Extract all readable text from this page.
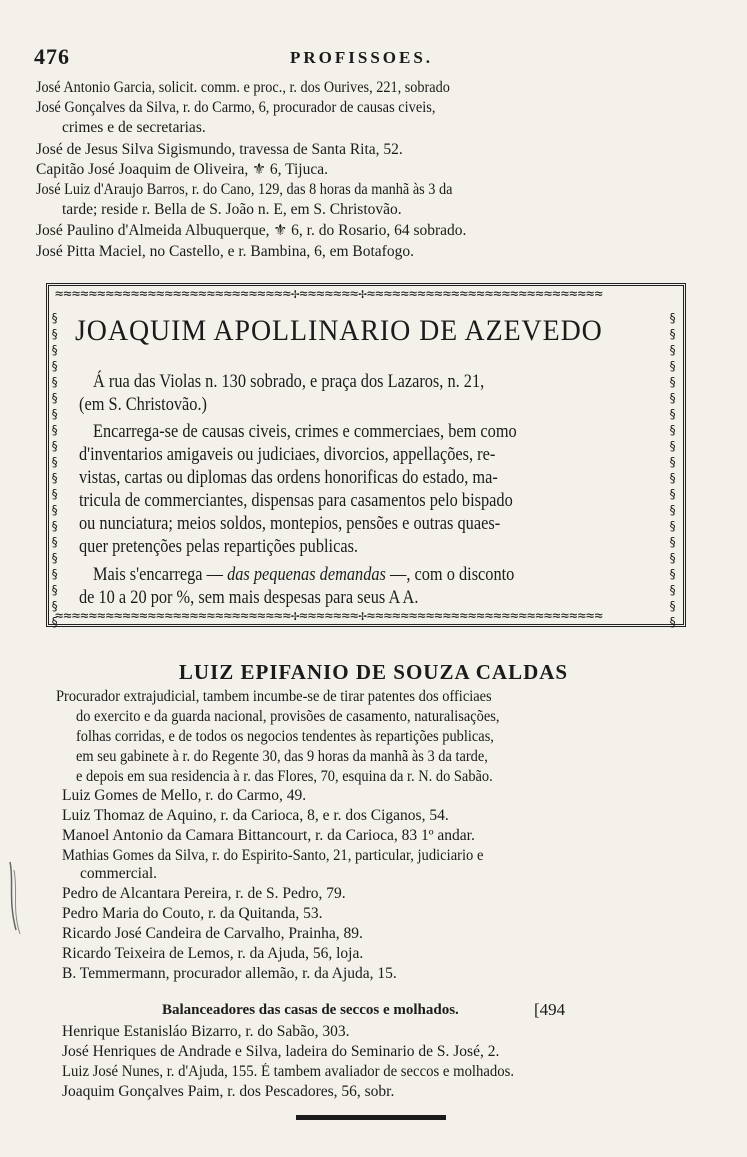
476	PROFISSOES.
José Antonio Garcia, solicit. comm. e proc., r. dos Ourives, 221, sobrado
José Gonçalves da Silva, r. do Carmo, 6, procurador de causas civeis,
crimes e de secretarias.
José de Jesus Silva Sigismundo, travessa de Santa Rita, 52.
Capitão José Joaquim de Oliveira, ⚜ 6, Tijuca.
José Luiz d'Araujo Barros, r. do Cano, 129, das 8 horas da manhã às 3 da
tarde; reside r. Bella de S. João n. E, em S. Christovão.
José Paulino d'Almeida Albuquerque, ⚜ 6, r. do Rosario, 64 sobrado.
José Pitta Maciel, no Castello, e r. Bambina, 6, em Botafogo.
≈≈≈≈≈≈≈≈≈≈≈≈≈≈≈≈≈≈≈≈≈≈≈≈≈≈≈≈✢≈≈≈≈≈≈≈✢≈≈≈≈≈≈≈≈≈≈≈≈≈≈≈≈≈≈≈≈≈≈≈≈≈≈≈≈
≈≈≈≈≈≈≈≈≈≈≈≈≈≈≈≈≈≈≈≈≈≈≈≈≈≈≈≈✢≈≈≈≈≈≈≈✢≈≈≈≈≈≈≈≈≈≈≈≈≈≈≈≈≈≈≈≈≈≈≈≈≈≈≈≈
§§§§§§§§§§§§§§§§§§§§
§§§§§§§§§§§§§§§§§§§§
JOAQUIM APOLLINARIO DE AZEVEDO
Á rua das Violas n. 130 sobrado, e praça dos Lazaros, n. 21,
(em S. Christovão.)
Encarrega-se de causas civeis, crimes e commerciaes, bem como
d'inventarios amigaveis ou judiciaes, divorcios, appellações, re-
vistas, cartas ou diplomas das ordens honorificas do estado, ma-
tricula de commerciantes, dispensas para casamentos pelo bispado
ou nunciatura; meios soldos, montepios, pensões e outras quaes-
quer pretenções pelas repartições publicas.
Mais s'encarrega — das pequenas demandas —, com o disconto
de 10 a 20 por %, sem mais despesas para seus A A.
LUIZ EPIFANIO DE SOUZA CALDAS
Procurador extrajudicial, tambem incumbe-se de tirar patentes dos officiaes
do exercito e da guarda nacional, provisões de casamento, naturalisações,
folhas corridas, e de todos os negocios tendentes às repartições publicas,
em seu gabinete à r. do Regente 30, das 9 horas da manhã às 3 da tarde,
e depois em sua residencia à r. das Flores, 70, esquina da r. N. do Sabão.
Luiz Gomes de Mello, r. do Carmo, 49.
Luiz Thomaz de Aquino, r. da Carioca, 8, e r. dos Ciganos, 54.
Manoel Antonio da Camara Bittancourt, r. da Carioca, 83 1º andar.
Mathias Gomes da Silva, r. do Espirito-Santo, 21, particular, judiciario e
commercial.
Pedro de Alcantara Pereira, r. de S. Pedro, 79.
Pedro Maria do Couto, r. da Quitanda, 53.
Ricardo José Candeira de Carvalho, Prainha, 89.
Ricardo Teixeira de Lemos, r. da Ajuda, 56, loja.
B. Temmermann, procurador allemão, r. da Ajuda, 15.
Balanceadores das casas de seccos e molhados.	[494
Henrique Estanisláo Bizarro, r. do Sabão, 303.
José Henriques de Andrade e Silva, ladeira do Seminario de S. José, 2.
Luiz José Nunes, r. d'Ajuda, 155. É tambem avaliador de seccos e molhados.
Joaquim Gonçalves Paim, r. dos Pescadores, 56, sobr.
